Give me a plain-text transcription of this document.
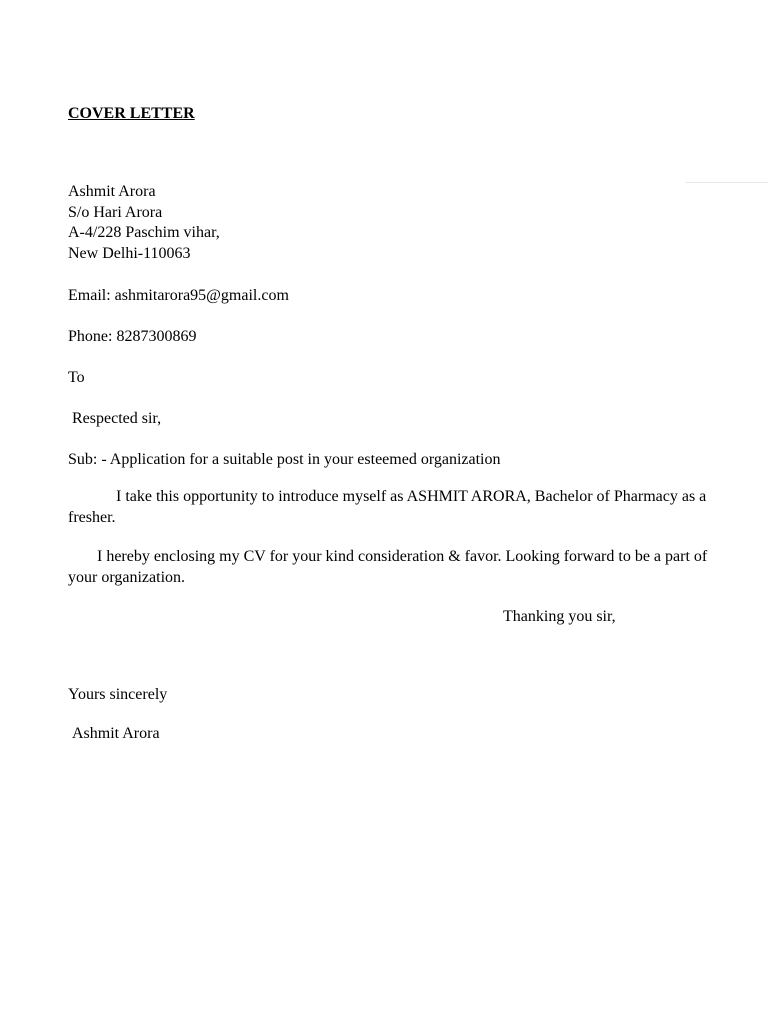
COVER LETTER
Ashmit Arora
S/o Hari Arora
A-4/228 Paschim vihar,
New Delhi-110063
Email: ashmitarora95@gmail.com
Phone: 8287300869
To
Respected sir,
Sub: - Application for a suitable post in your esteemed organization
I take this opportunity to introduce myself as ASHMIT ARORA, Bachelor of Pharmacy as a fresher.
I hereby enclosing my CV for your kind consideration & favor. Looking forward to be a part of your organization.
Thanking you sir,
Yours sincerely
Ashmit Arora
